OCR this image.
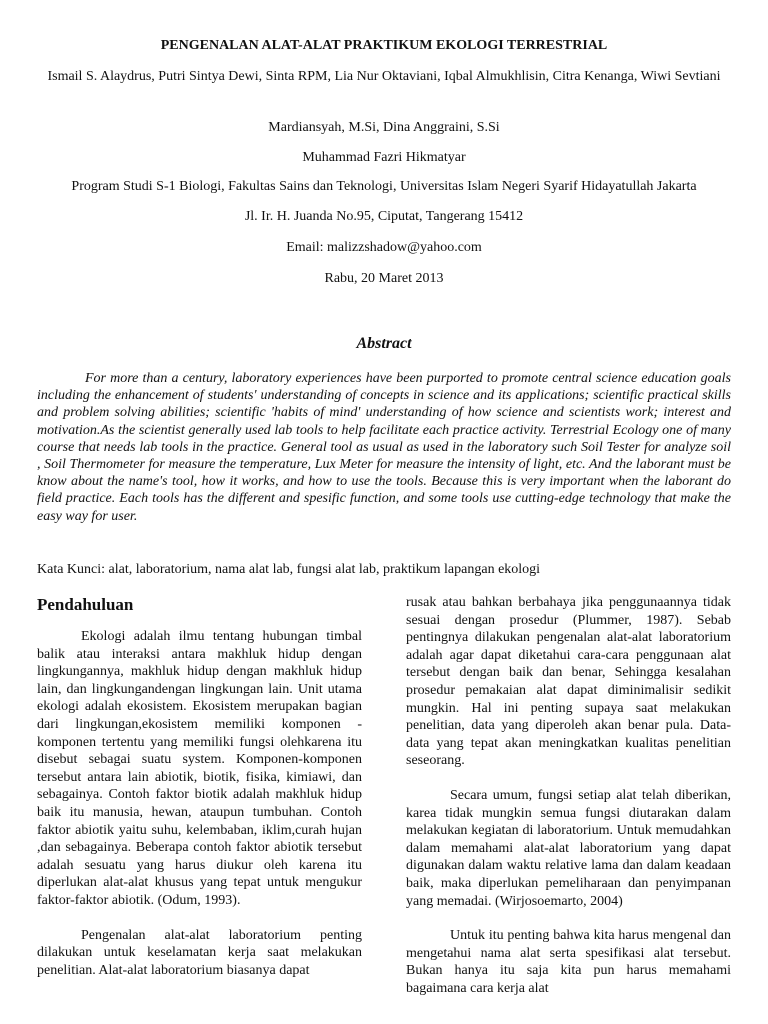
PENGENALAN ALAT-ALAT PRAKTIKUM EKOLOGI TERRESTRIAL
Ismail S. Alaydrus, Putri Sintya Dewi, Sinta RPM, Lia Nur Oktaviani, Iqbal Almukhlisin, Citra Kenanga, Wiwi Sevtiani
Mardiansyah, M.Si, Dina Anggraini, S.Si
Muhammad Fazri Hikmatyar
Program Studi S-1 Biologi, Fakultas Sains dan Teknologi, Universitas Islam Negeri Syarif Hidayatullah Jakarta
Jl. Ir. H. Juanda No.95, Ciputat, Tangerang 15412
Email: malizzshadow@yahoo.com
Rabu, 20 Maret 2013
Abstract

For more than a century, laboratory experiences have been purported to promote central science education goals including the enhancement of students' understanding of concepts in science and its applications; scientific practical skills and problem solving abilities; scientific 'habits of mind' understanding of how science and scientists work; interest and motivation.As the scientist generally used lab tools to help facilitate each practice activity. Terrestrial Ecology one of many course that needs lab tools in the practice. General tool as usual as used in the laboratory such Soil Tester for analyze soil , Soil Thermometer for measure the temperature, Lux Meter for measure the intensity of light, etc. And the laborant must be know about the name's tool, how it works, and how to use the tools. Because this is very important when the laborant do field practice. Each tools has the different and spesific function, and some tools use cutting-edge technology that make the easy way for user.

Kata Kunci: alat, laboratorium, nama alat lab, fungsi alat lab, praktikum lapangan ekologi
Pendahuluan

Ekologi adalah ilmu tentang hubungan timbal balik atau interaksi antara makhluk hidup dengan lingkungannya, makhluk hidup dengan makhluk hidup lain, dan lingkungandengan lingkungan lain. Unit utama ekologi adalah ekosistem. Ekosistem merupakan bagian dari lingkungan,ekosistem memiliki komponen - komponen tertentu yang memiliki fungsi olehkarena itu disebut sebagai suatu system. Komponen-komponen tersebut antara lain abiotik, biotik, fisika, kimiawi, dan sebagainya. Contoh faktor biotik adalah makhluk hidup baik itu manusia, hewan, ataupun tumbuhan. Contoh faktor abiotik yaitu suhu, kelembaban, iklim,curah hujan ,dan sebagainya. Beberapa contoh faktor abiotik tersebut adalah sesuatu yang harus diukur oleh karena itu diperlukan alat-alat khusus yang tepat untuk mengukur faktor-faktor abiotik. (Odum, 1993).

Pengenalan alat-alat laboratorium penting dilakukan untuk keselamatan kerja saat melakukan penelitian. Alat-alat laboratorium biasanya dapat

rusak atau bahkan berbahaya jika penggunaannya tidak sesuai dengan prosedur (Plummer, 1987). Sebab pentingnya dilakukan pengenalan alat-alat laboratorium adalah agar dapat diketahui cara-cara penggunaan alat tersebut dengan baik dan benar, Sehingga kesalahan prosedur pemakaian alat dapat diminimalisir sedikit mungkin. Hal ini penting supaya saat melakukan penelitian, data yang diperoleh akan benar pula. Data-data yang tepat akan meningkatkan kualitas penelitian seseorang.

Secara umum, fungsi setiap alat telah diberikan, karea tidak mungkin semua fungsi diutarakan dalam melakukan kegiatan di laboratorium. Untuk memudahkan dalam memahami alat-alat laboratorium yang dapat digunakan dalam waktu relative lama dan dalam keadaan baik, maka diperlukan pemeliharaan dan penyimpanan yang memadai. (Wirjosoemarto, 2004)

Untuk itu penting bahwa kita harus mengenal dan mengetahui nama alat serta spesifikasi alat tersebut. Bukan hanya itu saja kita pun harus memahami bagaimana cara kerja alat
